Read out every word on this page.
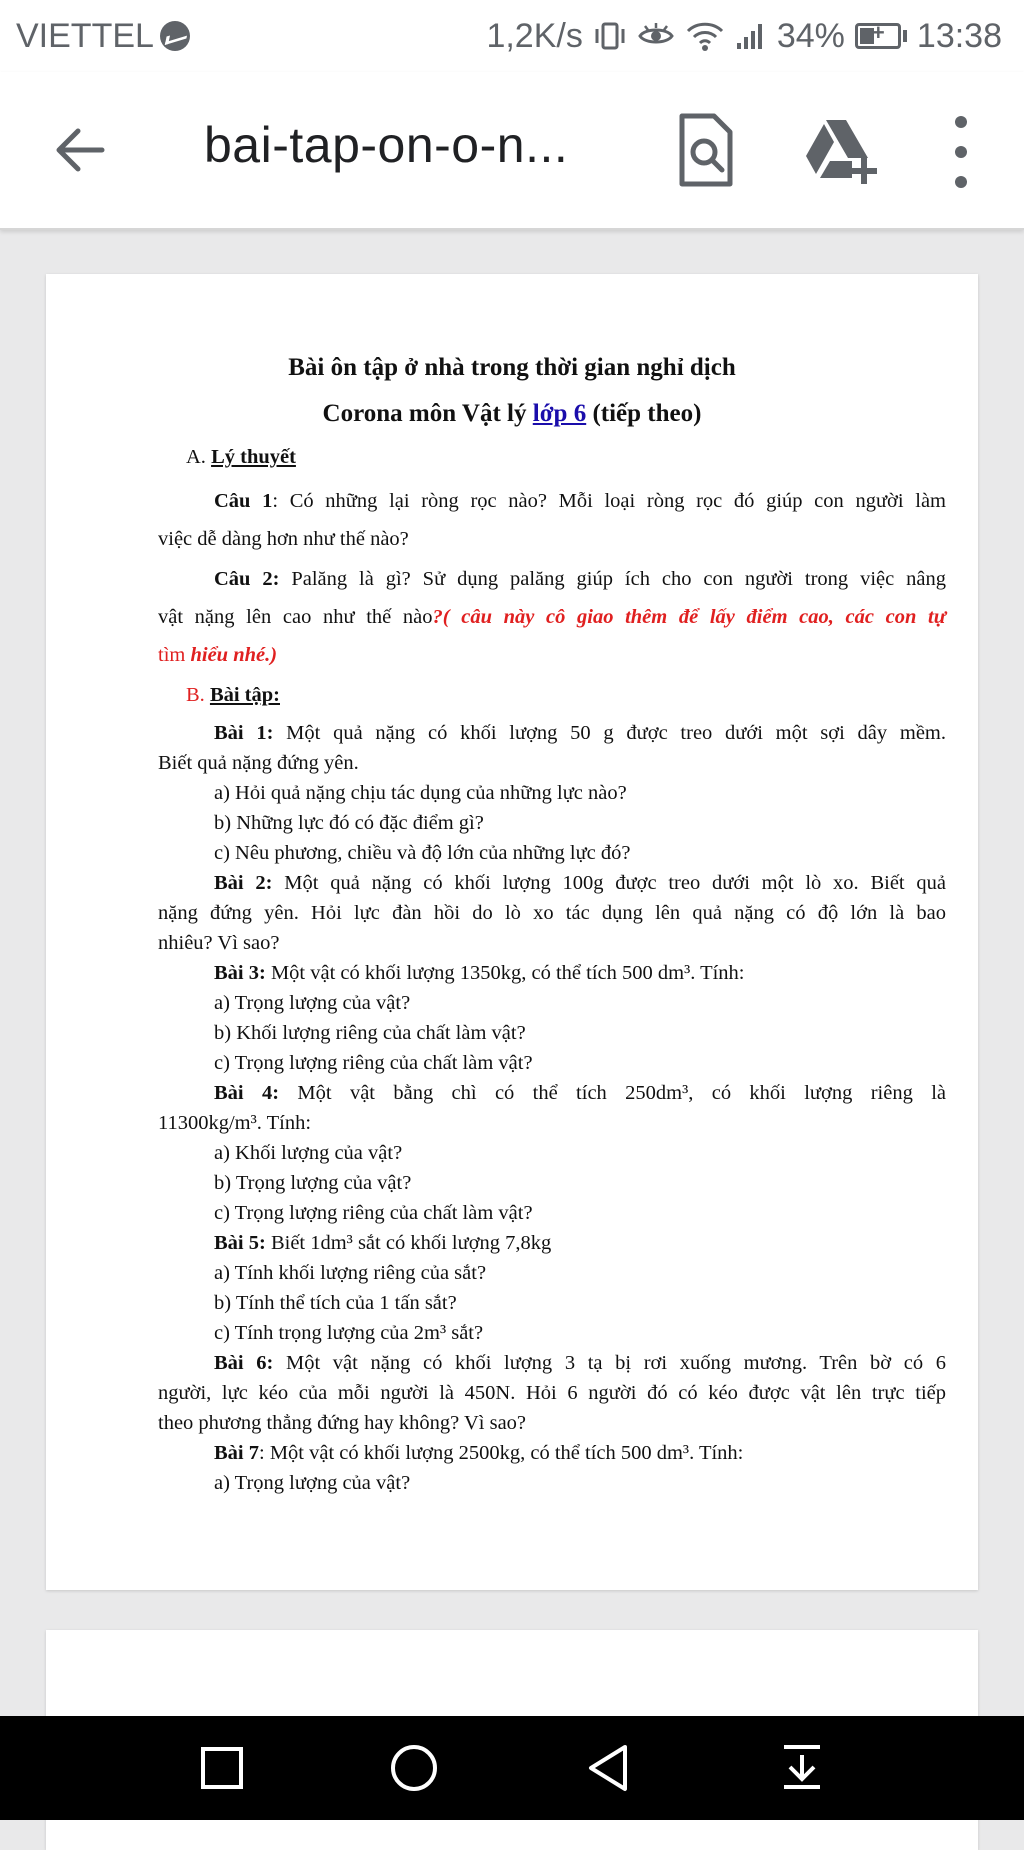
VIETTEL	1,2K/s	34%
+ 13:38
bai-tap-on-o-n...
Bài ôn tập ở nhà trong thời gian nghỉ dịch
Corona môn Vật lý lớp 6 (tiếp theo)
A. Lý thuyết
Câu 1: Có những lại ròng rọc nào? Mỗi loại ròng rọc đó giúp con người làm
việc dễ dàng hơn như thế nào?
Câu 2: Palăng là gì? Sử dụng palăng giúp ích cho con người trong việc nâng
vật nặng lên cao như thế nào?( câu này cô giao thêm để lấy điểm cao, các con tự
tìm hiểu nhé.)
B. Bài tập:
Bài 1: Một quả nặng có khối lượng 50 g được treo dưới một sợi dây mềm.
Biết quả nặng đứng yên.
a) Hỏi quả nặng chịu tác dụng của những lực nào?
b) Những lực đó có đặc điểm gì?
c) Nêu phương, chiều và độ lớn của những lực đó?
Bài 2: Một quả nặng có khối lượng 100g được treo dưới một lò xo. Biết quả
nặng đứng yên. Hỏi lực đàn hồi do lò xo tác dụng lên quả nặng có độ lớn là bao
nhiêu? Vì sao?
Bài 3: Một vật có khối lượng 1350kg, có thể tích 500 dm³. Tính:
a) Trọng lượng của vật?
b) Khối lượng riêng của chất làm vật?
c) Trọng lượng riêng của chất làm vật?
Bài 4: Một vật bằng chì có thể tích 250dm³, có khối lượng riêng là
11300kg/m³. Tính:
a) Khối lượng của vật?
b) Trọng lượng của vật?
c) Trọng lượng riêng của chất làm vật?
Bài 5: Biết 1dm³ sắt có khối lượng 7,8kg
a) Tính khối lượng riêng của sắt?
b) Tính thể tích của 1 tấn sắt?
c) Tính trọng lượng của 2m³ sắt?
Bài 6: Một vật nặng có khối lượng 3 tạ bị rơi xuống mương. Trên bờ có 6
người, lực kéo của mỗi người là 450N. Hỏi 6 người đó có kéo được vật lên trực tiếp
theo phương thẳng đứng hay không? Vì sao?
Bài 7: Một vật có khối lượng 2500kg, có thể tích 500 dm³. Tính:
a) Trọng lượng của vật?
